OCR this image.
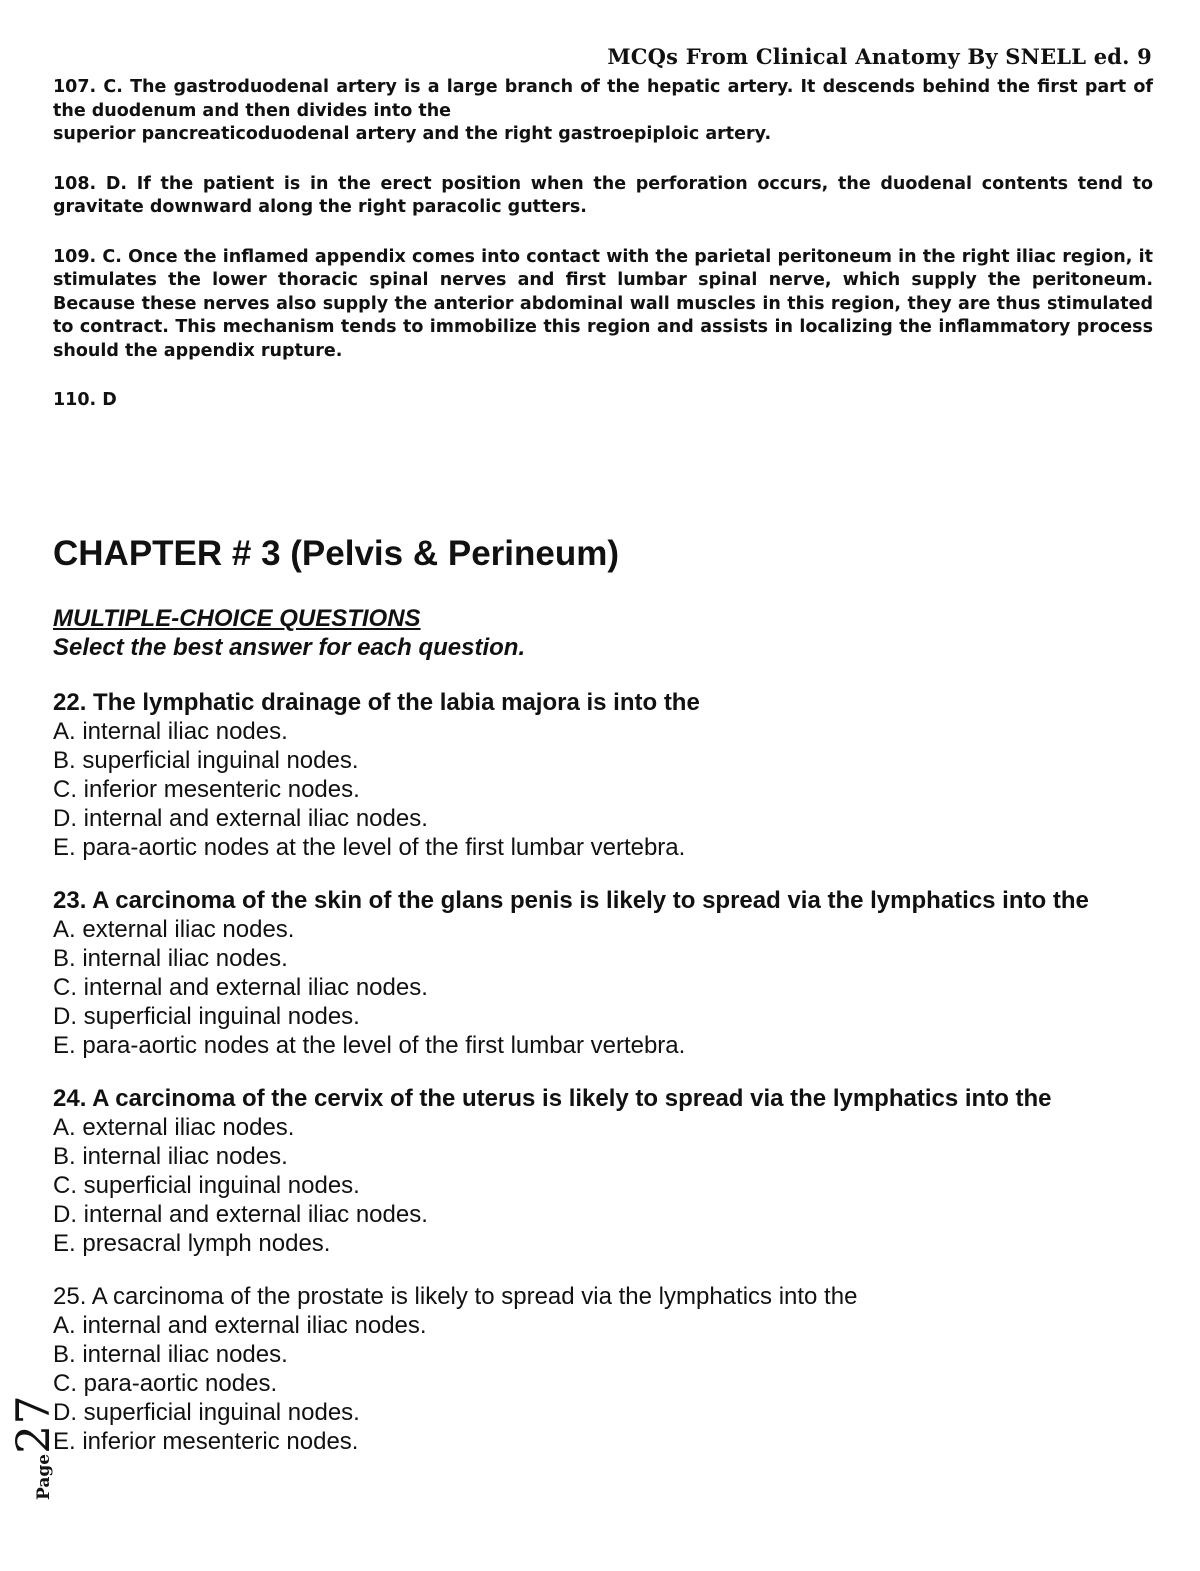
MCQs From Clinical Anatomy By SNELL ed. 9

107. C. The gastroduodenal artery is a large branch of the hepatic artery. It descends behind the first part of the duodenum and then divides into the
superior pancreaticoduodenal artery and the right gastroepiploic artery.

108. D. If the patient is in the erect position when the perforation occurs, the duodenal contents tend to gravitate downward along the right paracolic gutters.

109. C. Once the inflamed appendix comes into contact with the parietal peritoneum in the right iliac region, it stimulates the lower thoracic spinal nerves and first lumbar spinal nerve, which supply the peritoneum. Because these nerves also supply the anterior abdominal wall muscles in this region, they are thus stimulated to contract. This mechanism tends to immobilize this region and assists in localizing the inflammatory process should the appendix rupture.

110. D

CHAPTER # 3 (Pelvis & Perineum)
MULTIPLE-CHOICE QUESTIONS
Select the best answer for each question.
22. The lymphatic drainage of the labia majora is into the
A. internal iliac nodes.
B. superficial inguinal nodes.
C. inferior mesenteric nodes.
D. internal and external iliac nodes.
E. para-aortic nodes at the level of the first lumbar vertebra.
23. A carcinoma of the skin of the glans penis is likely to spread via the lymphatics into the
A. external iliac nodes.
B. internal iliac nodes.
C. internal and external iliac nodes.
D. superficial inguinal nodes.
E. para-aortic nodes at the level of the first lumbar vertebra.
24. A carcinoma of the cervix of the uterus is likely to spread via the lymphatics into the
A. external iliac nodes.
B. internal iliac nodes.
C. superficial inguinal nodes.
D. internal and external iliac nodes.
E. presacral lymph nodes.
25. A carcinoma of the prostate is likely to spread via the lymphatics into the
A. internal and external iliac nodes.
B. internal iliac nodes.
C. para-aortic nodes.
D. superficial inguinal nodes.
E. inferior mesenteric nodes.
Page27
